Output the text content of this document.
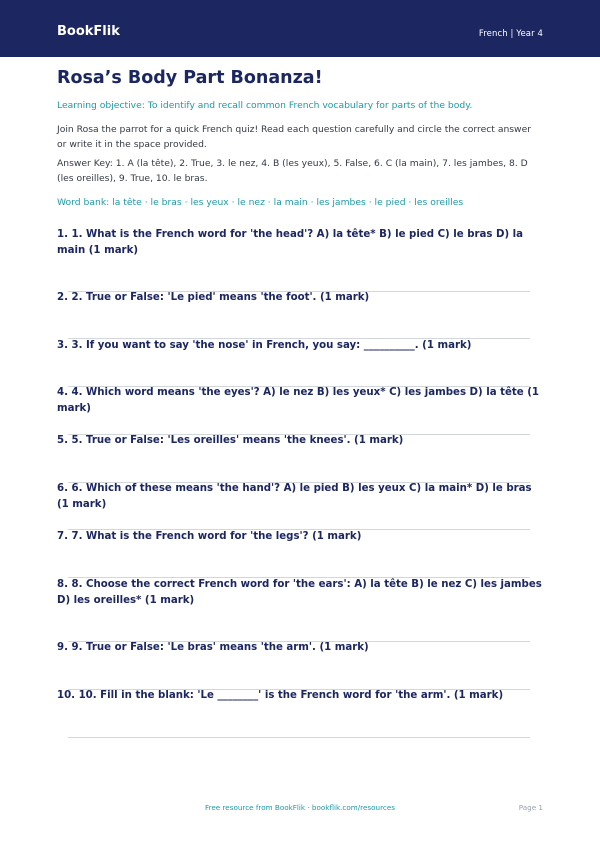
BookFlik	French | Year 4
Rosa’s Body Part Bonanza!

Learning objective: To identify and recall common French vocabulary for parts of the body.

Join Rosa the parrot for a quick French quiz! Read each question carefully and circle the correct answer or write it in the space provided.

Answer Key: 1. A (la tête), 2. True, 3. le nez, 4. B (les yeux), 5. False, 6. C (la main), 7. les jambes, 8. D (les oreilles), 9. True, 10. le bras.

Word bank: la tête · le bras · les yeux · le nez · la main · les jambes · le pied · les oreilles

1. 1. What is the French word for 'the head'? A) la tête* B) le pied C) le bras D) la main (1 mark)
2. 2. True or False: 'Le pied' means 'the foot'. (1 mark)
3. 3. If you want to say 'the nose' in French, you say: __________. (1 mark)
4. 4. Which word means 'the eyes'? A) le nez B) les yeux* C) les jambes D) la tête (1 mark)
5. 5. True or False: 'Les oreilles' means 'the knees'. (1 mark)
6. 6. Which of these means 'the hand'? A) le pied B) les yeux C) la main* D) le bras (1 mark)
7. 7. What is the French word for 'the legs'? (1 mark)
8. 8. Choose the correct French word for 'the ears': A) la tête B) le nez C) les jambes D) les oreilles* (1 mark)
9. 9. True or False: 'Le bras' means 'the arm'. (1 mark)
10. 10. Fill in the blank: 'Le ________' is the French word for 'the arm'. (1 mark)
Free resource from BookFlik · bookflik.com/resources	Page 1
